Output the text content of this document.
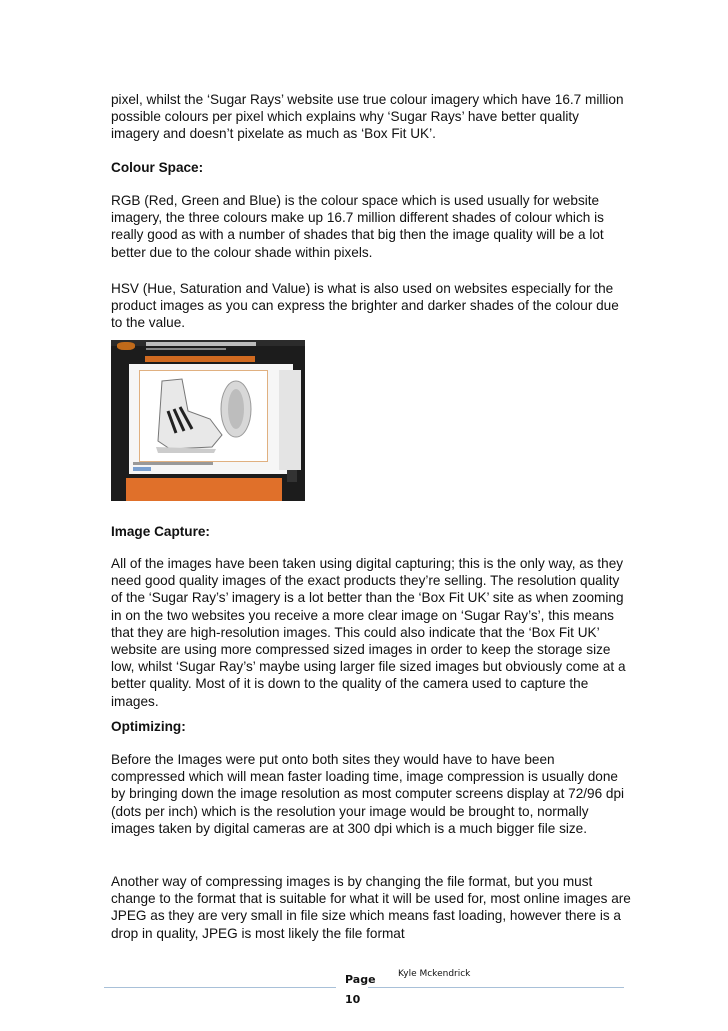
pixel, whilst the ‘Sugar Rays’ website use true colour imagery which have 16.7 million possible colours per pixel which explains why ‘Sugar Rays’ have better quality imagery and doesn’t pixelate as much as ‘Box Fit UK’.

Colour Space:

RGB (Red, Green and Blue) is the colour space which is used usually for website imagery, the three colours make up 16.7 million different shades of colour which is really good as with a number of shades that big then the image quality will be a lot better due to the colour shade within pixels.

HSV (Hue, Saturation and Value) is what is also used on websites especially for the product images as you can express the brighter and darker shades of the colour due to the value.

Image Capture:

All of the images have been taken using digital capturing; this is the only way, as they need good quality images of the exact products they’re selling. The resolution quality of the ‘Sugar Ray’s’ imagery is a lot better than the ‘Box Fit UK’ site as when zooming in on the two websites you receive a more clear image on ‘Sugar Ray’s’, this means that they are high-resolution images. This could also indicate that the ‘Box Fit UK’ website are using more compressed sized images in order to keep the storage size low, whilst ‘Sugar Ray’s’ maybe using larger file sized images but obviously come at a better quality. Most of it is down to the quality of the camera used to capture the images.

Optimizing:

Before the Images were put onto both sites they would have to have been compressed which will mean faster loading time, image compression is usually done by bringing down the image resolution as most computer screens display at 72/96 dpi (dots per inch) which is the resolution your image would be brought to, normally images taken by digital cameras are at 300 dpi which is a much bigger file size.

Another way of compressing images is by changing the file format, but you must change to the format that is suitable for what it will be used for, most online images are JPEG as they are very small in file size which means fast loading, however there is a drop in quality, JPEG is most likely the file format

Page
10
Kyle Mckendrick
